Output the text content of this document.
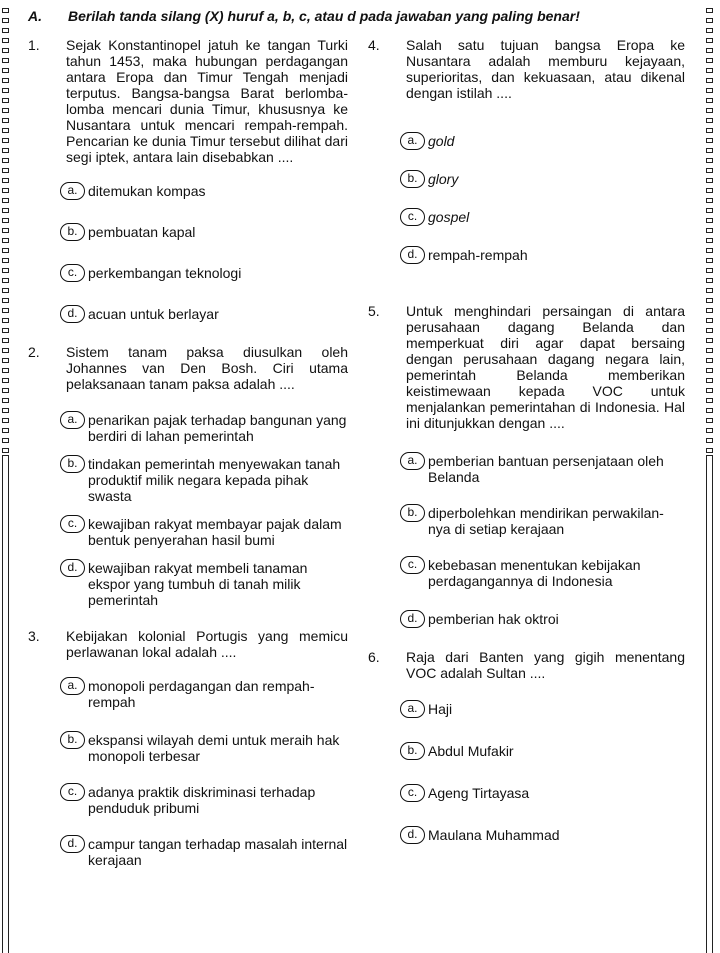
A. Berilah tanda silang (X) huruf a, b, c, atau d pada jawaban yang paling benar!
1. Sejak Konstantinopel jatuh ke tangan Turki tahun 1453, maka hubungan perdagangan antara Eropa dan Timur Tengah menjadi terputus. Bangsa-bangsa Barat berlomba-lomba mencari dunia Timur, khususnya ke Nusantara untuk mencari rempah-rempah. Pencarian ke dunia Timur tersebut dilihat dari segi iptek, antara lain disebabkan ....
a. ditemukan kompas
b. pembuatan kapal
c. perkembangan teknologi
d. acuan untuk berlayar
2. Sistem tanam paksa diusulkan oleh Johannes van Den Bosh. Ciri utama pelaksanaan tanam paksa adalah ....
a. penarikan pajak terhadap bangunan yang berdiri di lahan pemerintah
b. tindakan pemerintah menyewakan tanah produktif milik negara kepada pihak swasta
c. kewajiban rakyat membayar pajak dalam bentuk penyerahan hasil bumi
d. kewajiban rakyat membeli tanaman ekspor yang tumbuh di tanah milik pemerintah
3. Kebijakan kolonial Portugis yang memicu perlawanan lokal adalah ....
a. monopoli perdagangan dan rempah-rempah
b. ekspansi wilayah demi untuk meraih hak monopoli terbesar
c. adanya praktik diskriminasi terhadap penduduk pribumi
d. campur tangan terhadap masalah internal kerajaan
4. Salah satu tujuan bangsa Eropa ke Nusantara adalah memburu kejayaan, superioritas, dan kekuasaan, atau dikenal dengan istilah ....
a. gold
b. glory
c. gospel
d. rempah-rempah
5. Untuk menghindari persaingan di antara perusahaan dagang Belanda dan memperkuat diri agar dapat bersaing dengan perusahaan dagang negara lain, pemerintah Belanda memberikan keistimewaan kepada VOC untuk menjalankan pemerintahan di Indonesia. Hal ini ditunjukkan dengan ....
a. pemberian bantuan persenjataan oleh Belanda
b. diperbolehkan mendirikan perwakilan-nya di setiap kerajaan
c. kebebasan menentukan kebijakan perdagangannya di Indonesia
d. pemberian hak oktroi
6. Raja dari Banten yang gigih menentang VOC adalah Sultan ....
a. Haji
b. Abdul Mufakir
c. Ageng Tirtayasa
d. Maulana Muhammad
